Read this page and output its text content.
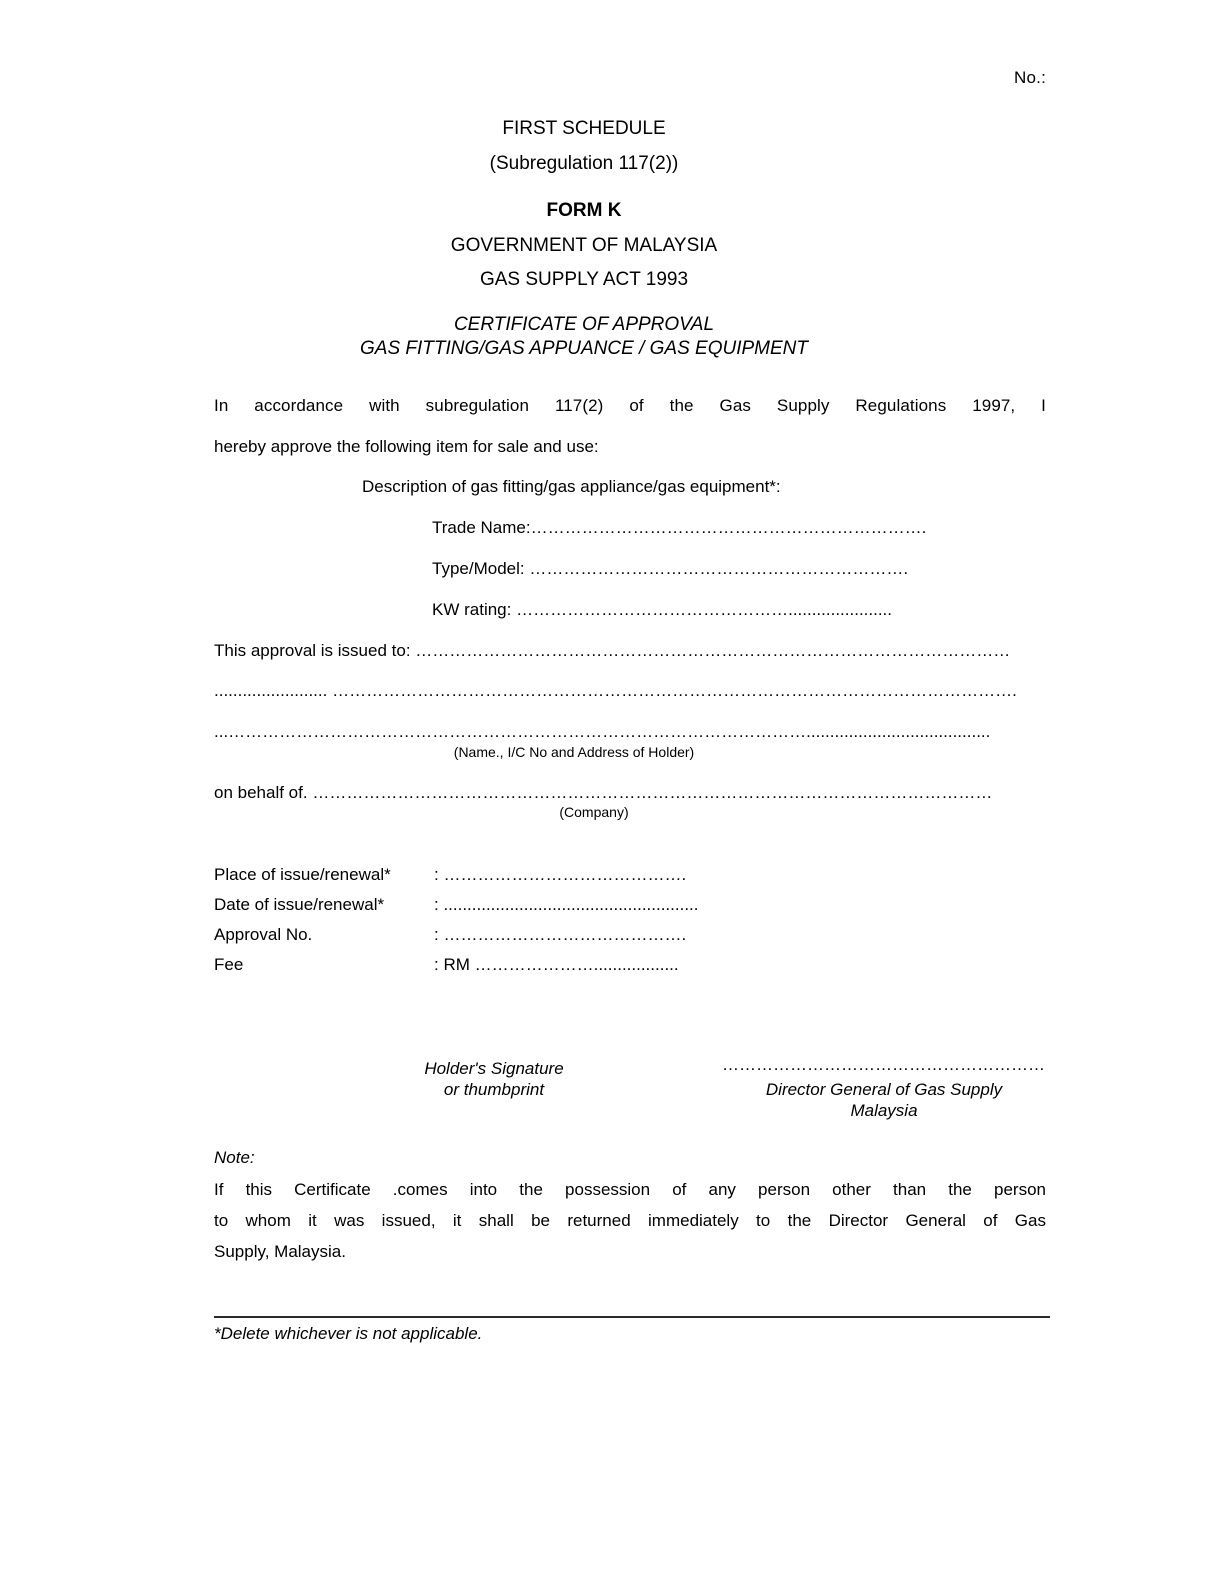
No.:
FIRST SCHEDULE
(Subregulation 117(2))
FORM K
GOVERNMENT OF MALAYSIA
GAS SUPPLY ACT 1993
CERTIFICATE OF APPROVAL
GAS FITTING/GAS APPUANCE / GAS EQUIPMENT
In accordance with subregulation 117(2) of the Gas Supply Regulations 1997, I
hereby approve the following item for sale and use:
Description of gas fitting/gas appliance/gas equipment*:
Trade Name:…………………………………………………………….
Type/Model: ………………………………………………………….
KW rating: …………………………………………......................
This approval is issued to: ……………………………………………………………………………………………
........................ ………………………………………………………………………………………………………….
...………………………………………………………………………………………….......................................
(Name., I/C No and Address of Holder)
on behalf of. …………………………………………………………………………………………………………
(Company)
Place of issue/renewal*	: …………………………………….
Date of issue/renewal*	: ......................................................
Approval No.	: …………………………………….
Fee	: RM …………………..................
Holder's Signature
or thumbprint
…………………………………………………
Director General of Gas Supply
Malaysia
Note:
If this Certificate .comes into the possession of any person other than the person
to whom it was issued, it shall be returned immediately to the Director General of Gas
Supply, Malaysia.
*Delete whichever is not applicable.
